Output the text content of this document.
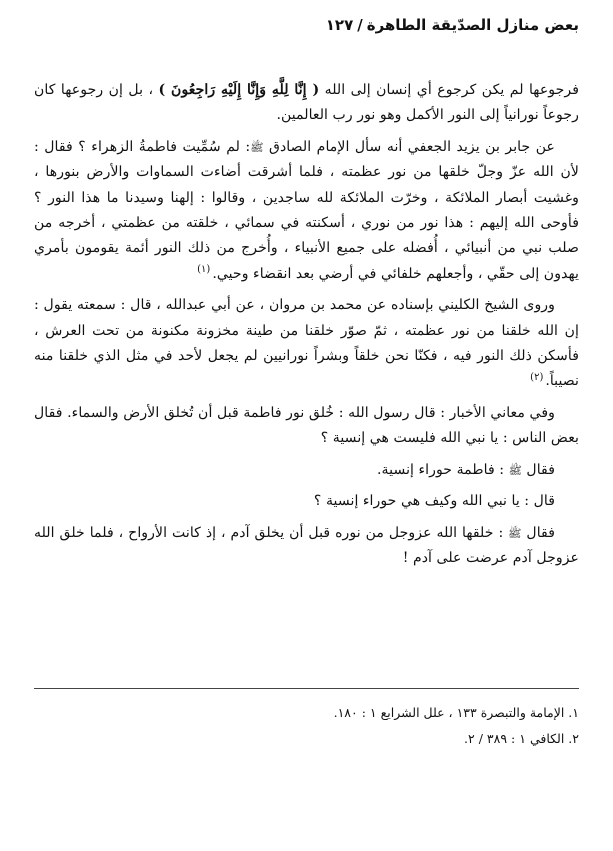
بعض منازل الصدّيقة الطاهرة/١٢٧

فرجوعها لم يكن كرجوع أي إنسان إلى الله ( إِنَّا لِلَّهِ وَإِنَّا إِلَيْهِ رَاجِعُونَ ) ، بل إن رجوعها كان رجوعاً نورانياً إلى النور الأكمل وهو نور رب العالمين.

عن جابر بن يزيد الجعفي أنه سأل الإمام الصادق ﷺ: لم سُمِّيت فاطمةُ الزهراء ؟ فقال : لأن الله عزّ وجلّ خلقها من نور عظمته ، فلما أشرقت أضاءت السماوات والأرض بنورها ، وغشيت أبصار الملائكة ، وخرّت الملائكة لله ساجدين ، وقالوا : إلهنا وسيدنا ما هذا النور ؟ فأوحى الله إليهم : هذا نور من نوري ، أسكنته في سمائي ، خلقته من عظمتي ، أخرجه من صلب نبي من أنبيائي ، أُفضله على جميع الأنبياء ، وأُخرج من ذلك النور أئمة يقومون بأمري يهدون إلى حقّي ، وأجعلهم خلفائي في أرضي بعد انقضاء وحيي.$^{(١)}$

وروى الشيخ الكليني بإسناده عن محمد بن مروان ، عن أبي عبدالله ، قال : سمعته يقول : إن الله خلقنا من نور عظمته ، ثمّ صوّر خلقنا من طينة مخزونة مكنونة من تحت العرش ، فأسكن ذلك النور فيه ، فكنّا نحن خلقاً وبشراً نورانيين لم يجعل لأحد في مثل الذي خلقنا منه نصيباً.$^{(٢)}$

وفي معاني الأخبار : قال رسول الله : خُلق نور فاطمة قبل أن تُخلق الأرض والسماء. فقال بعض الناس : يا نبي الله فليست هي إنسية ؟

فقال ﷺ : فاطمة حوراء إنسية.

قال : يا نبي الله وكيف هي حوراء إنسية ؟

فقال ﷺ : خلقها الله عزوجل من نوره قبل أن يخلق آدم ، إذ كانت الأرواح ، فلما خلق الله عزوجل آدم عرضت على آدم !

١. الإمامة والتبصرة ١٣٣ ، علل الشرايع ١ : ١٨٠.
٢. الكافي ١ : ٣٨٩ / ٢.
